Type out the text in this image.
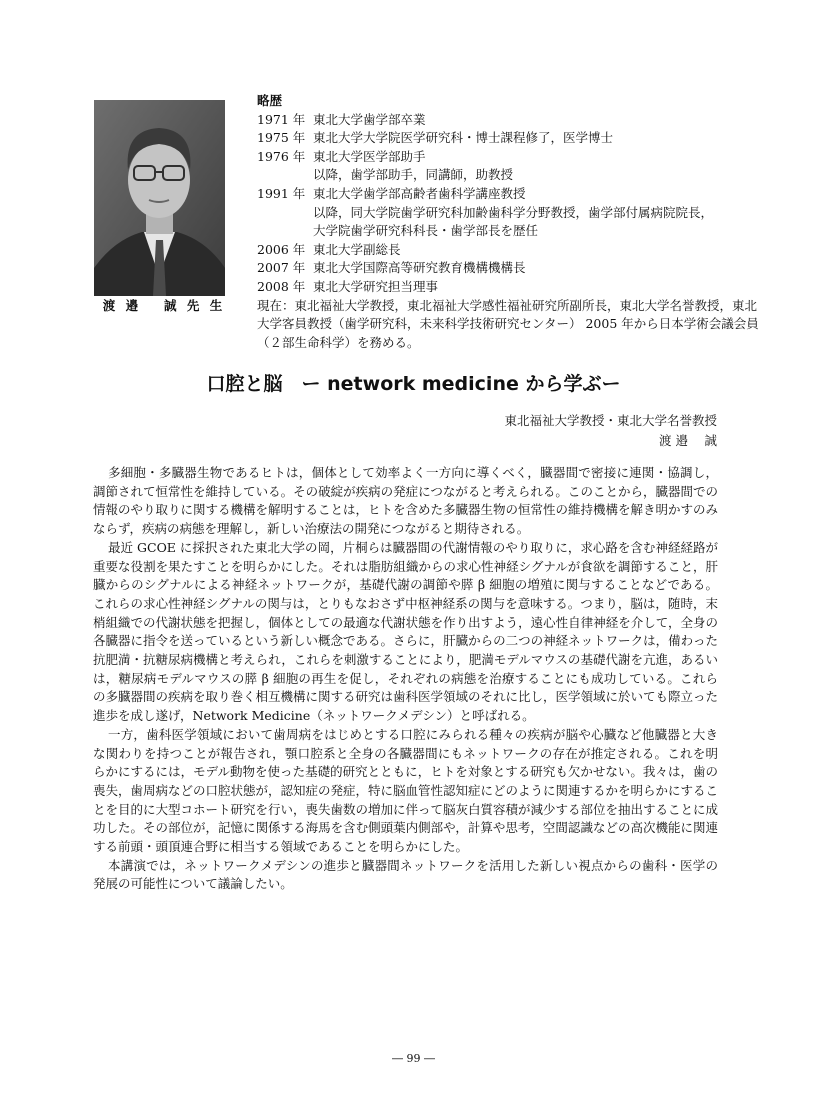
渡 邉　 誠 先 生
略歴
1971 年 東北大学歯学部卒業
1975 年 東北大学大学院医学研究科・博士課程修了，医学博士
1976 年 東北大学医学部助手
以降，歯学部助手，同講師，助教授
1991 年 東北大学歯学部高齢者歯科学講座教授
以降，同大学院歯学研究科加齢歯科学分野教授，歯学部付属病院院長，
大学院歯学研究科科長・歯学部長を歴任
2006 年 東北大学副総長
2007 年 東北大学国際高等研究教育機構機構長
2008 年 東北大学研究担当理事
現在：東北福祉大学教授，東北福祉大学感性福祉研究所副所長，東北大学名誉教授，東北大学客員教授（歯学研究科，未来科学技術研究センター） 2005 年から日本学術会議会員（２部生命科学）を務める。
口腔と脳　ー network medicine から学ぶー
東北福祉大学教授・東北大学名誉教授
渡 邉　 誠

多細胞・多臓器生物であるヒトは，個体として効率よく一方向に導くべく，臓器間で密接に連関・協調し，調節されて恒常性を維持している。その破綻が疾病の発症につながると考えられる。このことから，臓器間での情報のやり取りに関する機構を解明することは，ヒトを含めた多臓器生物の恒常性の維持機構を解き明かすのみならず，疾病の病態を理解し，新しい治療法の開発につながると期待される。

最近 GCOE に採択された東北大学の岡，片桐らは臓器間の代謝情報のやり取りに，求心路を含む神経経路が重要な役割を果たすことを明らかにした。それは脂肪組織からの求心性神経シグナルが食欲を調節すること，肝臓からのシグナルによる神経ネットワークが，基礎代謝の調節や膵 β 細胞の増殖に関与することなどである。これらの求心性神経シグナルの関与は，とりもなおさず中枢神経系の関与を意味する。つまり，脳は，随時，末梢組織での代謝状態を把握し，個体としての最適な代謝状態を作り出すよう，遠心性自律神経を介して，全身の各臓器に指令を送っているという新しい概念である。さらに，肝臓からの二つの神経ネットワークは，備わった抗肥満・抗糖尿病機構と考えられ，これらを刺激することにより，肥満モデルマウスの基礎代謝を亢進，あるいは，糖尿病モデルマウスの膵 β 細胞の再生を促し，それぞれの病態を治療することにも成功している。これらの多臓器間の疾病を取り巻く相互機構に関する研究は歯科医学領域のそれに比し，医学領域に於いても際立った進歩を成し遂げ，Network Medicine（ネットワークメデシン）と呼ばれる。

一方，歯科医学領域において歯周病をはじめとする口腔にみられる種々の疾病が脳や心臓など他臓器と大きな関わりを持つことが報告され，顎口腔系と全身の各臓器間にもネットワークの存在が推定される。これを明らかにするには，モデル動物を使った基礎的研究とともに，ヒトを対象とする研究も欠かせない。我々は，歯の喪失，歯周病などの口腔状態が，認知症の発症，特に脳血管性認知症にどのように関連するかを明らかにすることを目的に大型コホート研究を行い，喪失歯数の増加に伴って脳灰白質容積が減少する部位を抽出することに成功した。その部位が，記憶に関係する海馬を含む側頭葉内側部や，計算や思考，空間認識などの高次機能に関連する前頭・頭頂連合野に相当する領域であることを明らかにした。

本講演では，ネットワークメデシンの進歩と臓器間ネットワークを活用した新しい視点からの歯科・医学の発展の可能性について議論したい。

― 99 ―
